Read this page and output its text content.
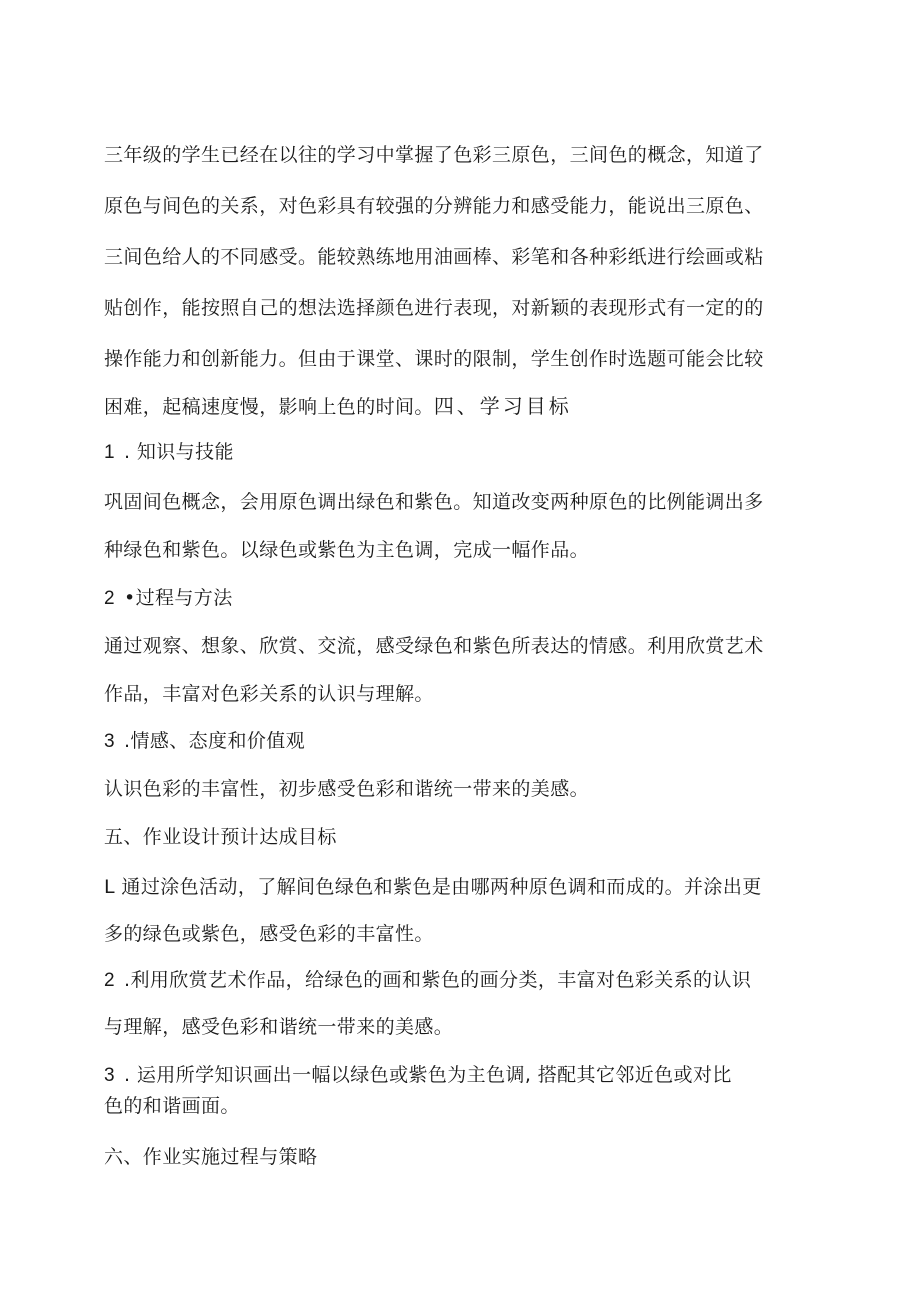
三年级的学生已经在以往的学习中掌握了色彩三原色，三间色的概念，知道了
原色与间色的关系，对色彩具有较强的分辨能力和感受能力，能说出三原色、
三间色给人的不同感受。能较熟练地用油画棒、彩笔和各种彩纸进行绘画或粘
贴创作，能按照自己的想法选择颜色进行表现，对新颖的表现形式有一定的的
操作能力和创新能力。但由于课堂、课时的限制，学生创作时选题可能会比较
困难，起稿速度慢，影响上色的时间。四、学习目标
1 . 知识与技能
巩固间色概念，会用原色调出绿色和紫色。知道改变两种原色的比例能调出多
种绿色和紫色。以绿色或紫色为主色调，完成一幅作品。
2 •过程与方法
通过观察、想象、欣赏、交流，感受绿色和紫色所表达的情感。利用欣赏艺术
作品，丰富对色彩关系的认识与理解。
3 .情感、态度和价值观
认识色彩的丰富性，初步感受色彩和谐统一带来的美感。
五、作业设计预计达成目标
L 通过涂色活动，了解间色绿色和紫色是由哪两种原色调和而成的。并涂出更
多的绿色或紫色，感受色彩的丰富性。
2 .利用欣赏艺术作品，给绿色的画和紫色的画分类，丰富对色彩关系的认识
与理解，感受色彩和谐统一带来的美感。
3 . 运用所学知识画出一幅以绿色或紫色为主色调, 搭配其它邻近色或对比
色的和谐画面。
六、作业实施过程与策略
